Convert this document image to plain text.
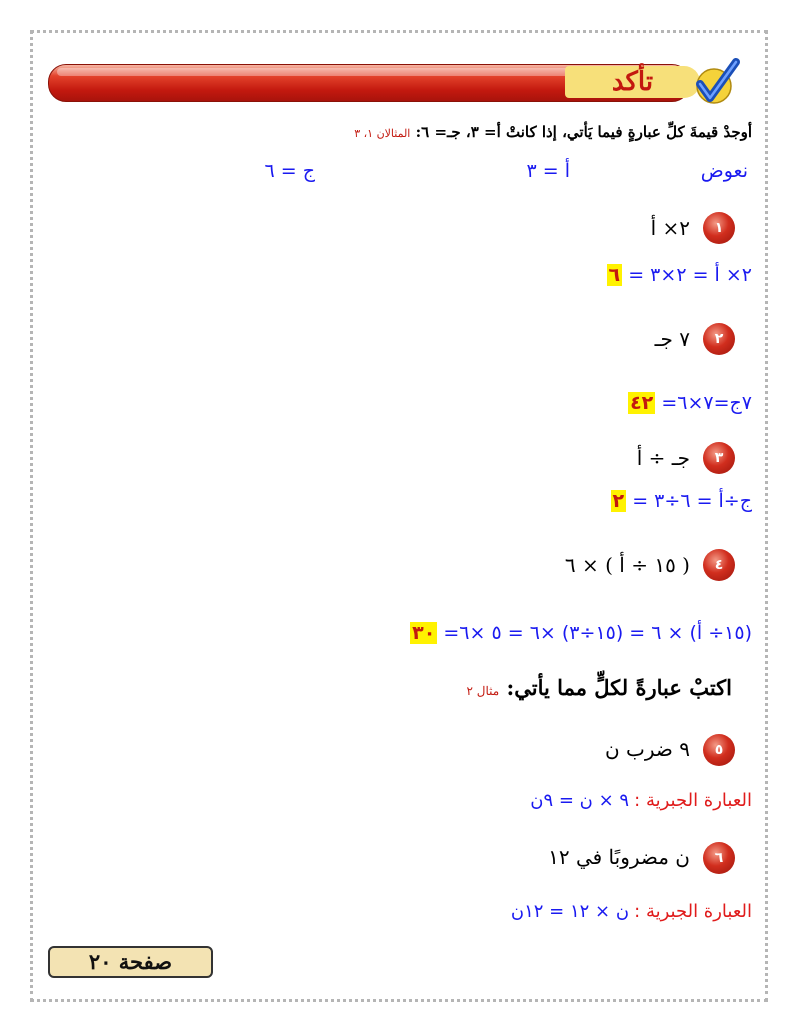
تأكد
أوجدْ قيمةَ كلِّ عبارةٍ فيما يَأتي، إذا كانتْ أ= ٣، جـ= ٦: المثالان ١، ٣
نعوض
أ = ٣
ج = ٦
١
٢× أ
٢× أ = ٢×٣ = ٦
٢
٧ جـ
٧ج=٧×٦= ٤٢
٣
جـ ÷ أ
ج÷أ = ٦÷٣ = ٢
٤
( ١٥ ÷ أ ) × ٦
(١٥÷ أ) × ٦ = (١٥÷٣) ×٦ = ٥ ×٦= ٣٠
اكتبْ عبارةً لكلٍّ مما يأتي: مثال ٢
٥
٩ ضرب ن
العبارة الجبرية : ٩ × ن = ٩ن
٦
ن مضروبًا في ١٢
العبارة الجبرية : ن × ١٢ = ١٢ن
صفحة ٢٠
